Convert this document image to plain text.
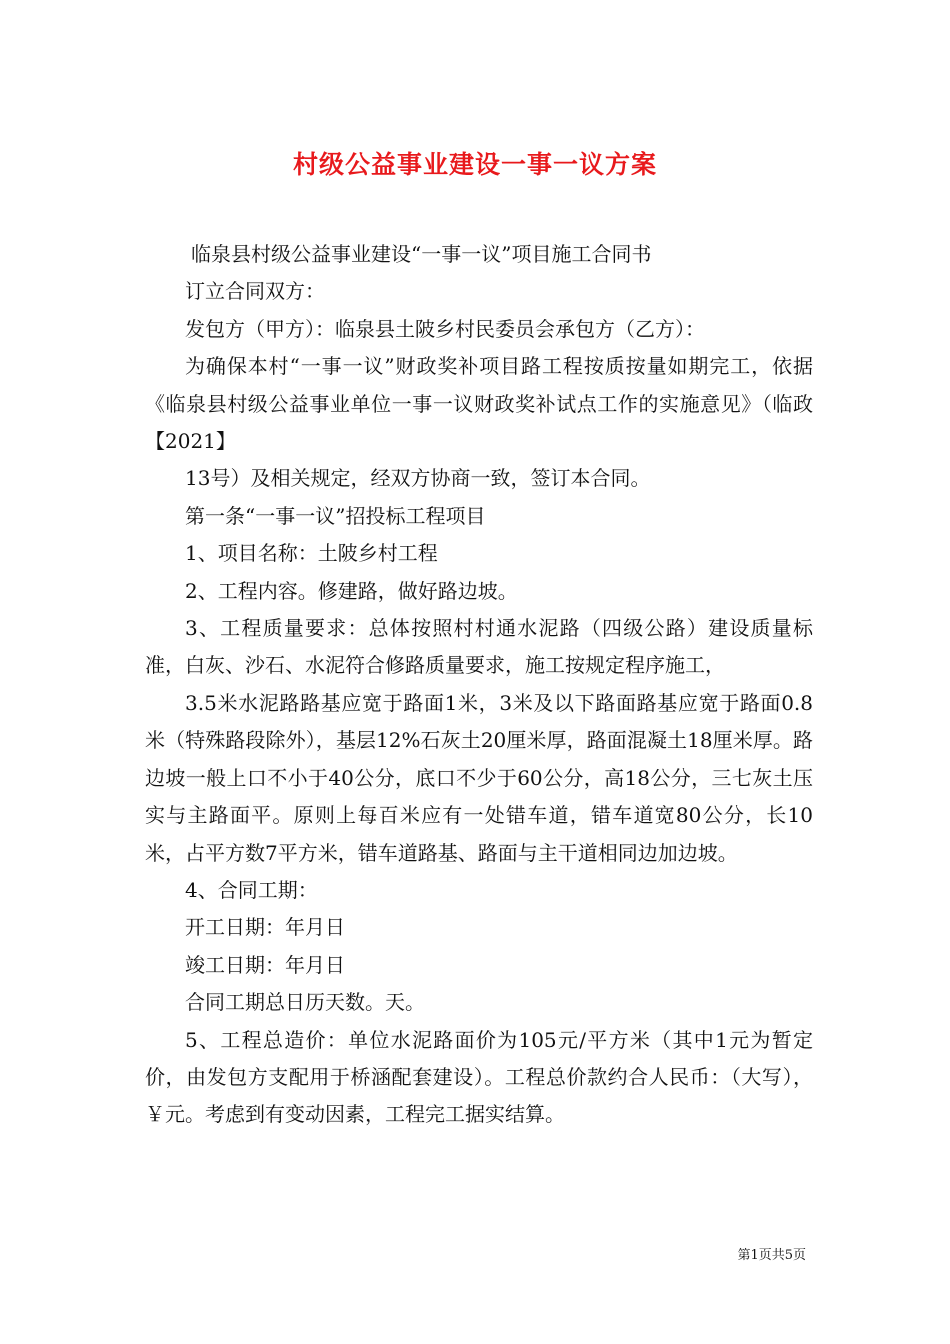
村级公益事业建设一事一议方案

临泉县村级公益事业建设“一事一议”项目施工合同书

订立合同双方：

发包方（甲方）：临泉县土陂乡村民委员会承包方（乙方）：

为确保本村“一事一议”财政奖补项目路工程按质按量如期完工，依据《临泉县村级公益事业单位一事一议财政奖补试点工作的实施意见》（临政【2021】

13号）及相关规定，经双方协商一致，签订本合同。

第一条“一事一议”招投标工程项目

1、项目名称：土陂乡村工程

2、工程内容。修建路，做好路边坡。

3、工程质量要求：总体按照村村通水泥路（四级公路）建设质量标准，白灰、沙石、水泥符合修路质量要求，施工按规定程序施工，

3.5米水泥路路基应宽于路面1米，3米及以下路面路基应宽于路面0.8米（特殊路段除外），基层12%石灰土20厘米厚，路面混凝土18厘米厚。路边坡一般上口不小于40公分，底口不少于60公分，高18公分，三七灰土压实与主路面平。原则上每百米应有一处错车道，错车道宽80公分，长10米，占平方数7平方米，错车道路基、路面与主干道相同边加边坡。

4、合同工期：

开工日期：年月日

竣工日期：年月日

合同工期总日历天数。天。

5、工程总造价：单位水泥路面价为105元/平方米（其中1元为暂定价，由发包方支配用于桥涵配套建设）。工程总价款约合人民币：（大写），￥元。考虑到有变动因素，工程完工据实结算。

第1页共5页
